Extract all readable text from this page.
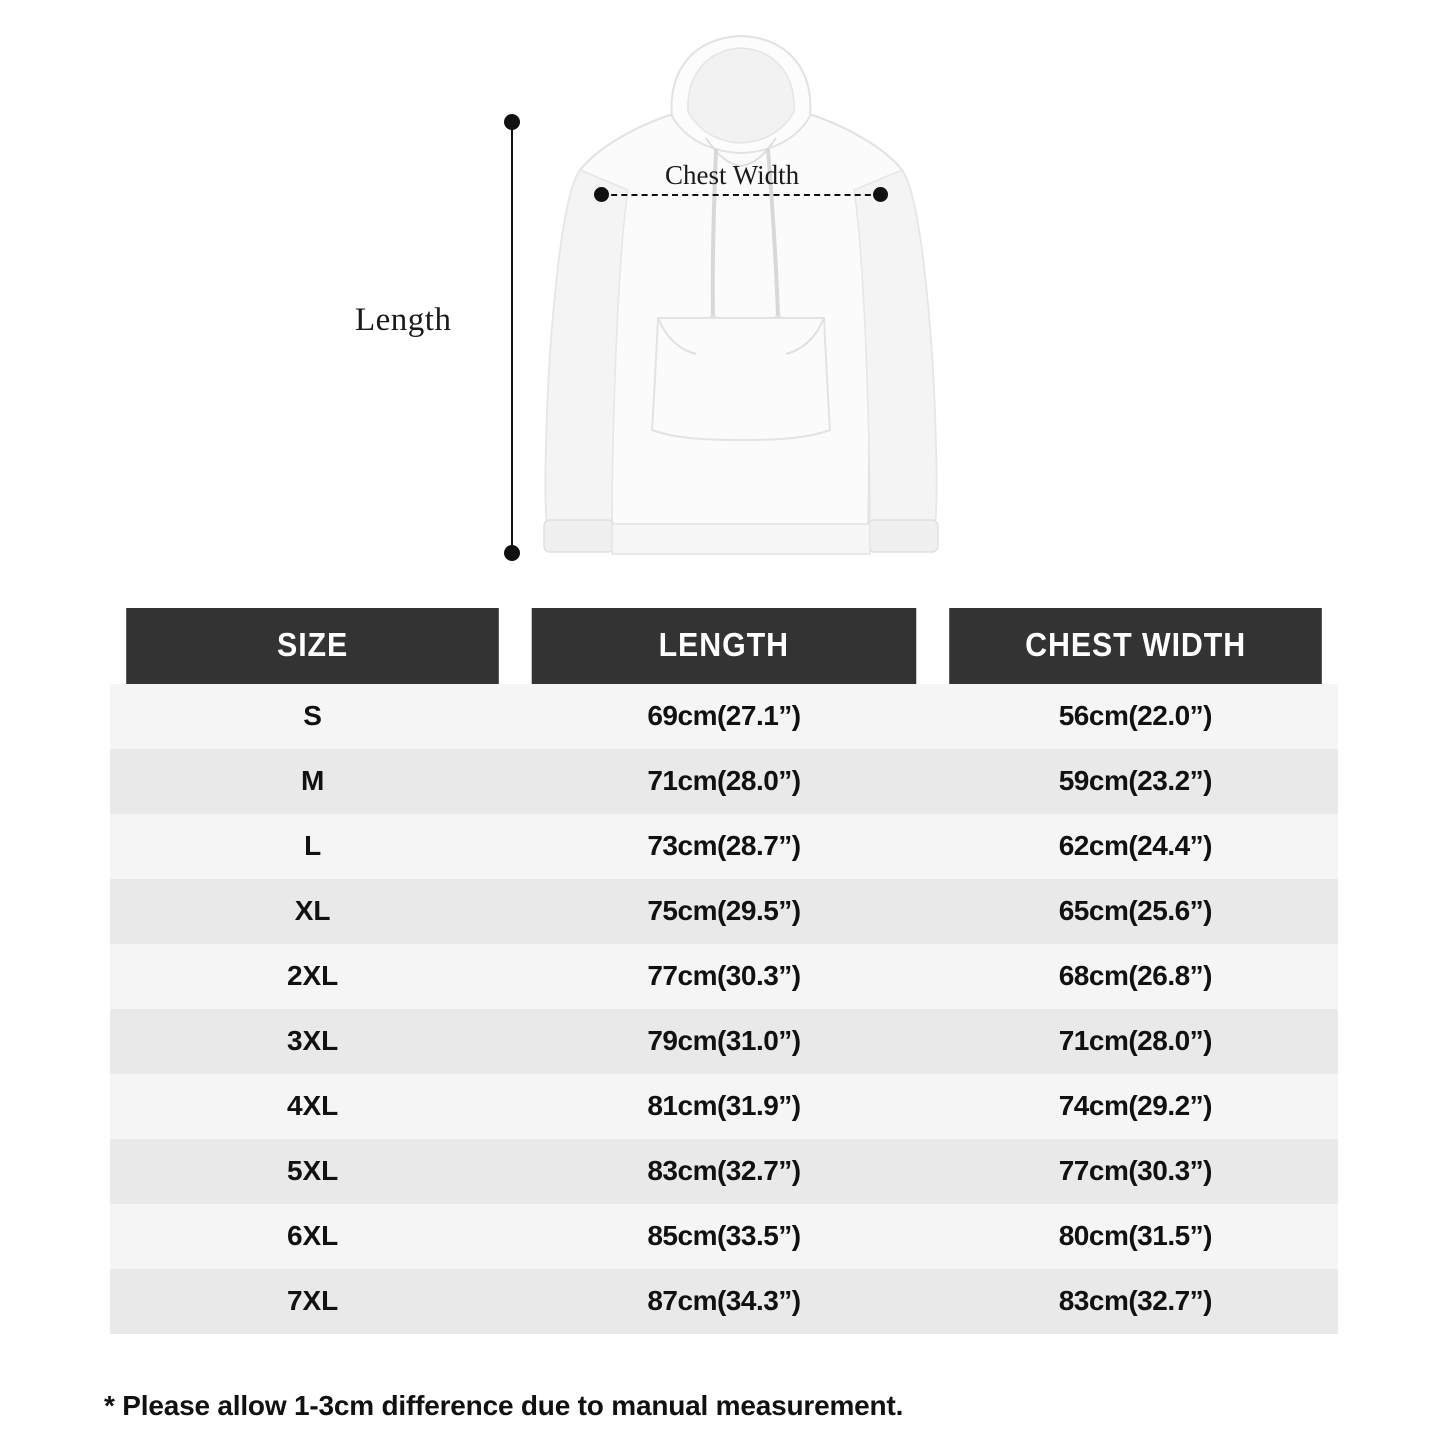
Length
Chest Width
SIZE	LENGTH	CHEST WIDTH
S	69cm(27.1”)	56cm(22.0”)
M	71cm(28.0”)	59cm(23.2”)
L	73cm(28.7”)	62cm(24.4”)
XL	75cm(29.5”)	65cm(25.6”)
2XL	77cm(30.3”)	68cm(26.8”)
3XL	79cm(31.0”)	71cm(28.0”)
4XL	81cm(31.9”)	74cm(29.2”)
5XL	83cm(32.7”)	77cm(30.3”)
6XL	85cm(33.5”)	80cm(31.5”)
7XL	87cm(34.3”)	83cm(32.7”)
* Please allow 1-3cm difference due to manual measurement.
